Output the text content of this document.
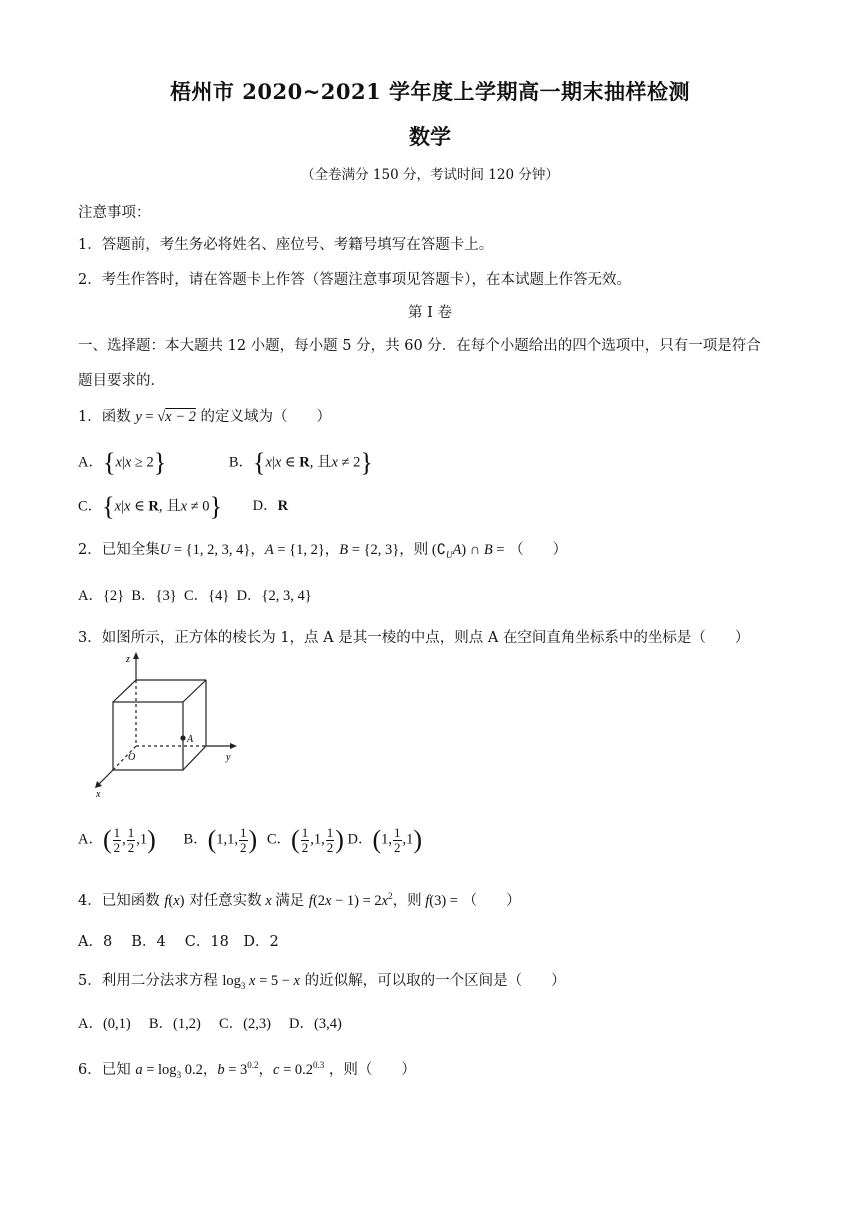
梧州市 2020~2021 学年度上学期高一期末抽样检测
数学
（全卷满分 150 分，考试时间 120 分钟）
注意事项：
1．答题前，考生务必将姓名、座位号、考籍号填写在答题卡上。
2．考生作答时，请在答题卡上作答（答题注意事项见答题卡），在本试题上作答无效。
第 I 卷
一、选择题：本大题共 12 小题，每小题 5 分，共 60 分．在每个小题给出的四个选项中，只有一项是符合
题目要求的．
1．函数 y = √x − 2 的定义域为（　　）
A．{x|x ≥ 2}	B．{x|x ∈ R, 且x ≠ 2}
C．{x|x ∈ R, 且x ≠ 0} D．R
2．已知全集U = {1, 2, 3, 4}，A = {1, 2}，B = {2, 3}，则 $(∁_UA)$ ∩ B = （　　）
A．{2}  B．{3}  C．{4}  D．{2, 3, 4}
3．如图所示，正方体的棱长为 1，点 A 是其一棱的中点，则点 A 在空间直角坐标系中的坐标是（　　）
z
y
x
O
A
A．( $\frac{1}{2}$ , $\frac{1}{2} ,1$) B．(1,1, $\frac{1}{2}$ ) C．( $\frac{1}{2} ,1$, $\frac{1}{2}$ ) D．(1, $\frac{1}{2} ,1$)
4．已知函数 f(x) 对任意实数 x 满足 $f(2x - 1) = 2x^2$，则 f(3) = （　　）
A．8　 B．4　 C．18　D．2
5．利用二分法求方程 $\log_3 x = 5 - x$ 的近似解，可以取的一个区间是（　　）
A．(0,1)     B．(1,2)     C．(2,3)     D．(3,4)
6．已知 $a = \log_3 0.2$，$b = 3^{0.2}$，$c = 0.2^{0.3}$ ，则（　　）
